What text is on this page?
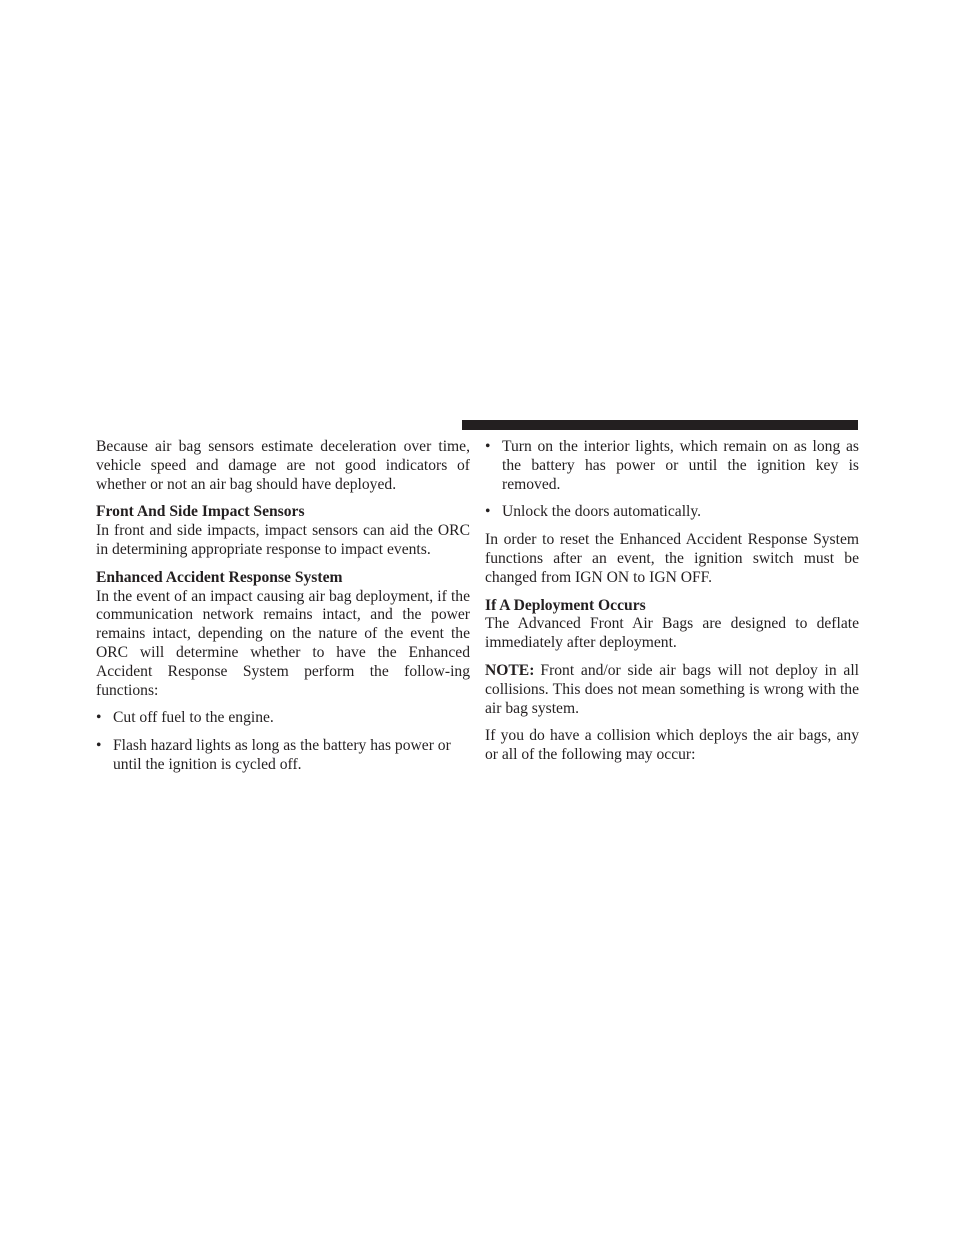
Because air bag sensors estimate deceleration over time, vehicle speed and damage are not good indicators of whether or not an air bag should have deployed.

Front And Side Impact Sensors

In front and side impacts, impact sensors can aid the ORC in determining appropriate response to impact events.

Enhanced Accident Response System

In the event of an impact causing air bag deployment, if the communication network remains intact, and the power remains intact, depending on the nature of the event the ORC will determine whether to have the Enhanced Accident Response System perform the follow-ing functions:

• Cut off fuel to the engine.
• Flash hazard lights as long as the battery has power or until the ignition is cycled off.
• Turn on the interior lights, which remain on as long as the battery has power or until the ignition key is removed.
• Unlock the doors automatically.

In order to reset the Enhanced Accident Response System functions after an event, the ignition switch must be changed from IGN ON to IGN OFF.

If A Deployment Occurs

The Advanced Front Air Bags are designed to deflate immediately after deployment.

NOTE: Front and/or side air bags will not deploy in all collisions. This does not mean something is wrong with the air bag system.

If you do have a collision which deploys the air bags, any or all of the following may occur:
